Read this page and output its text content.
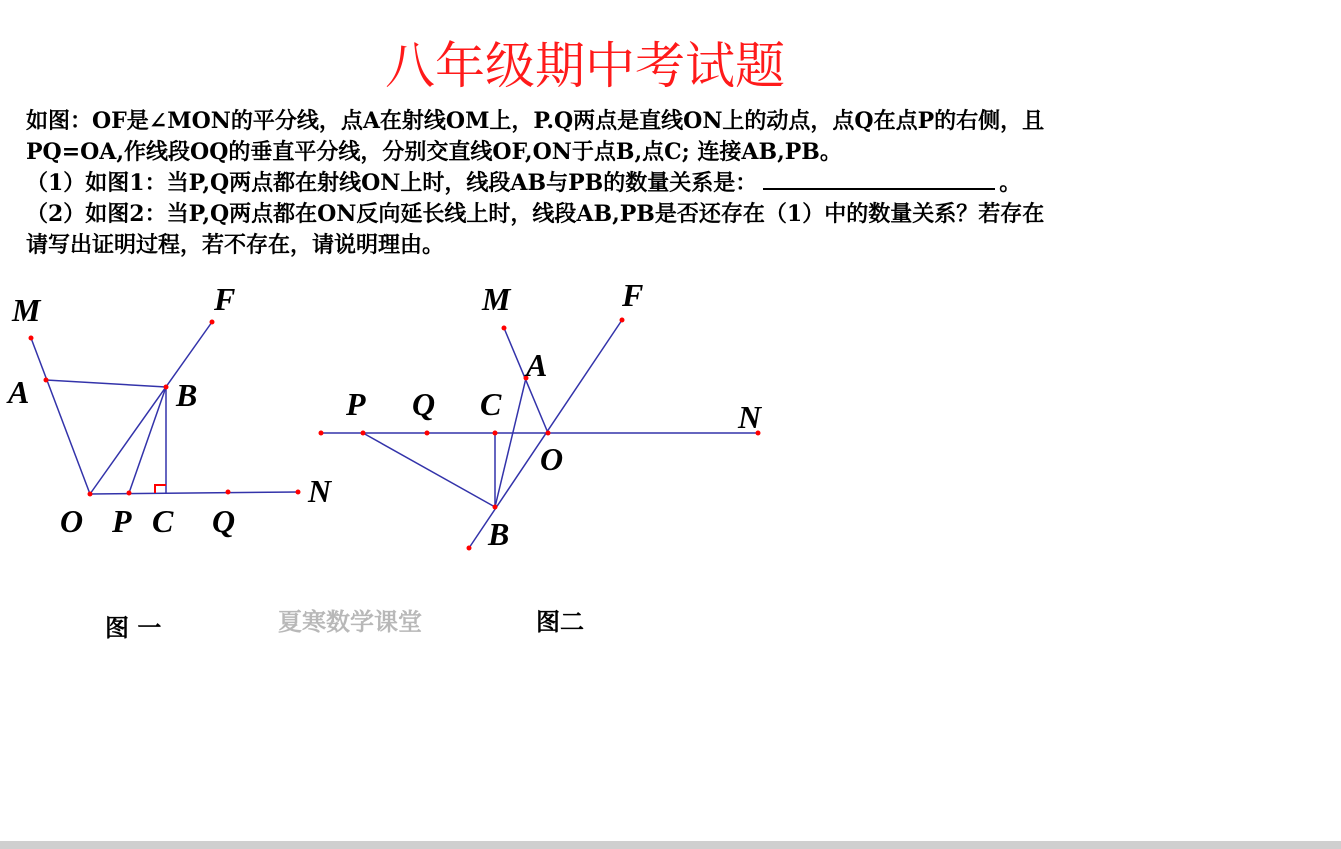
八年级期中考试题

如图：OF是∠MON的平分线，点A在射线OM上，P.Q两点是直线ON上的动点，点Q在点P的右侧，且

PQ=OA,作线段OQ的垂直平分线，分别交直线OF,ON于点B,点C; 连接AB,PB。

（1）如图1：当P,Q两点都在射线ON上时，线段AB与PB的数量关系是：	。

（2）如图2：当P,Q两点都在ON反向延长线上时，线段AB,PB是否还存在（1）中的数量关系？若存在

请写出证明过程，若不存在，请说明理由。

M	F
A	B
O P C Q
N
M	F
A
P Q C	N
O
B
图 一	夏寒数学课堂	图二
